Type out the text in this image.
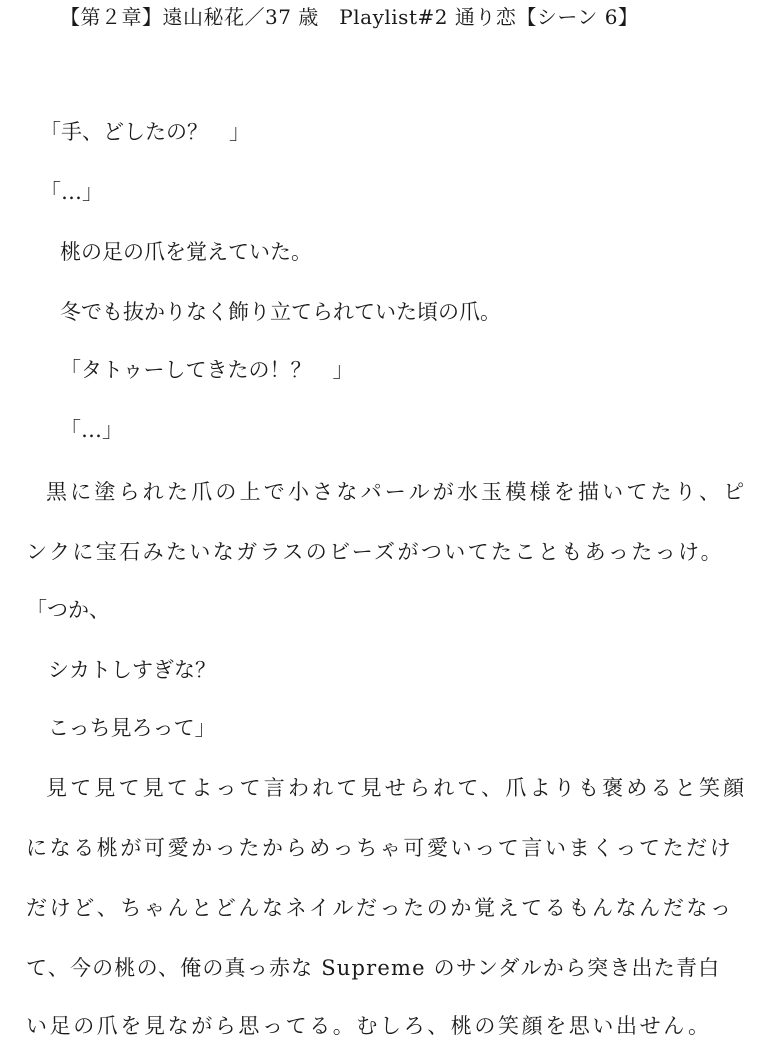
【第２章】遠山秘花／37 歳　Playlist#2 通り恋【シーン 6】
「手、どしたの？　」
「…」
桃の足の爪を覚えていた。
冬でも抜かりなく飾り立てられていた頃の爪。
「タトゥーしてきたの！？　」
「…」
黒に塗られた爪の上で小さなパールが水玉模様を描いてたり、ピ
ンクに宝石みたいなガラスのビーズがついてたこともあったっけ。
「つか、
シカトしすぎな？
こっち見ろって」
見て見て見てよって言われて見せられて、爪よりも褒めると笑顔
になる桃が可愛かったからめっちゃ可愛いって言いまくってただけ
だけど、ちゃんとどんなネイルだったのか覚えてるもんなんだなっ
て、今の桃の、俺の真っ赤な Supreme のサンダルから突き出た青白
い足の爪を見ながら思ってる。むしろ、桃の笑顔を思い出せん。
